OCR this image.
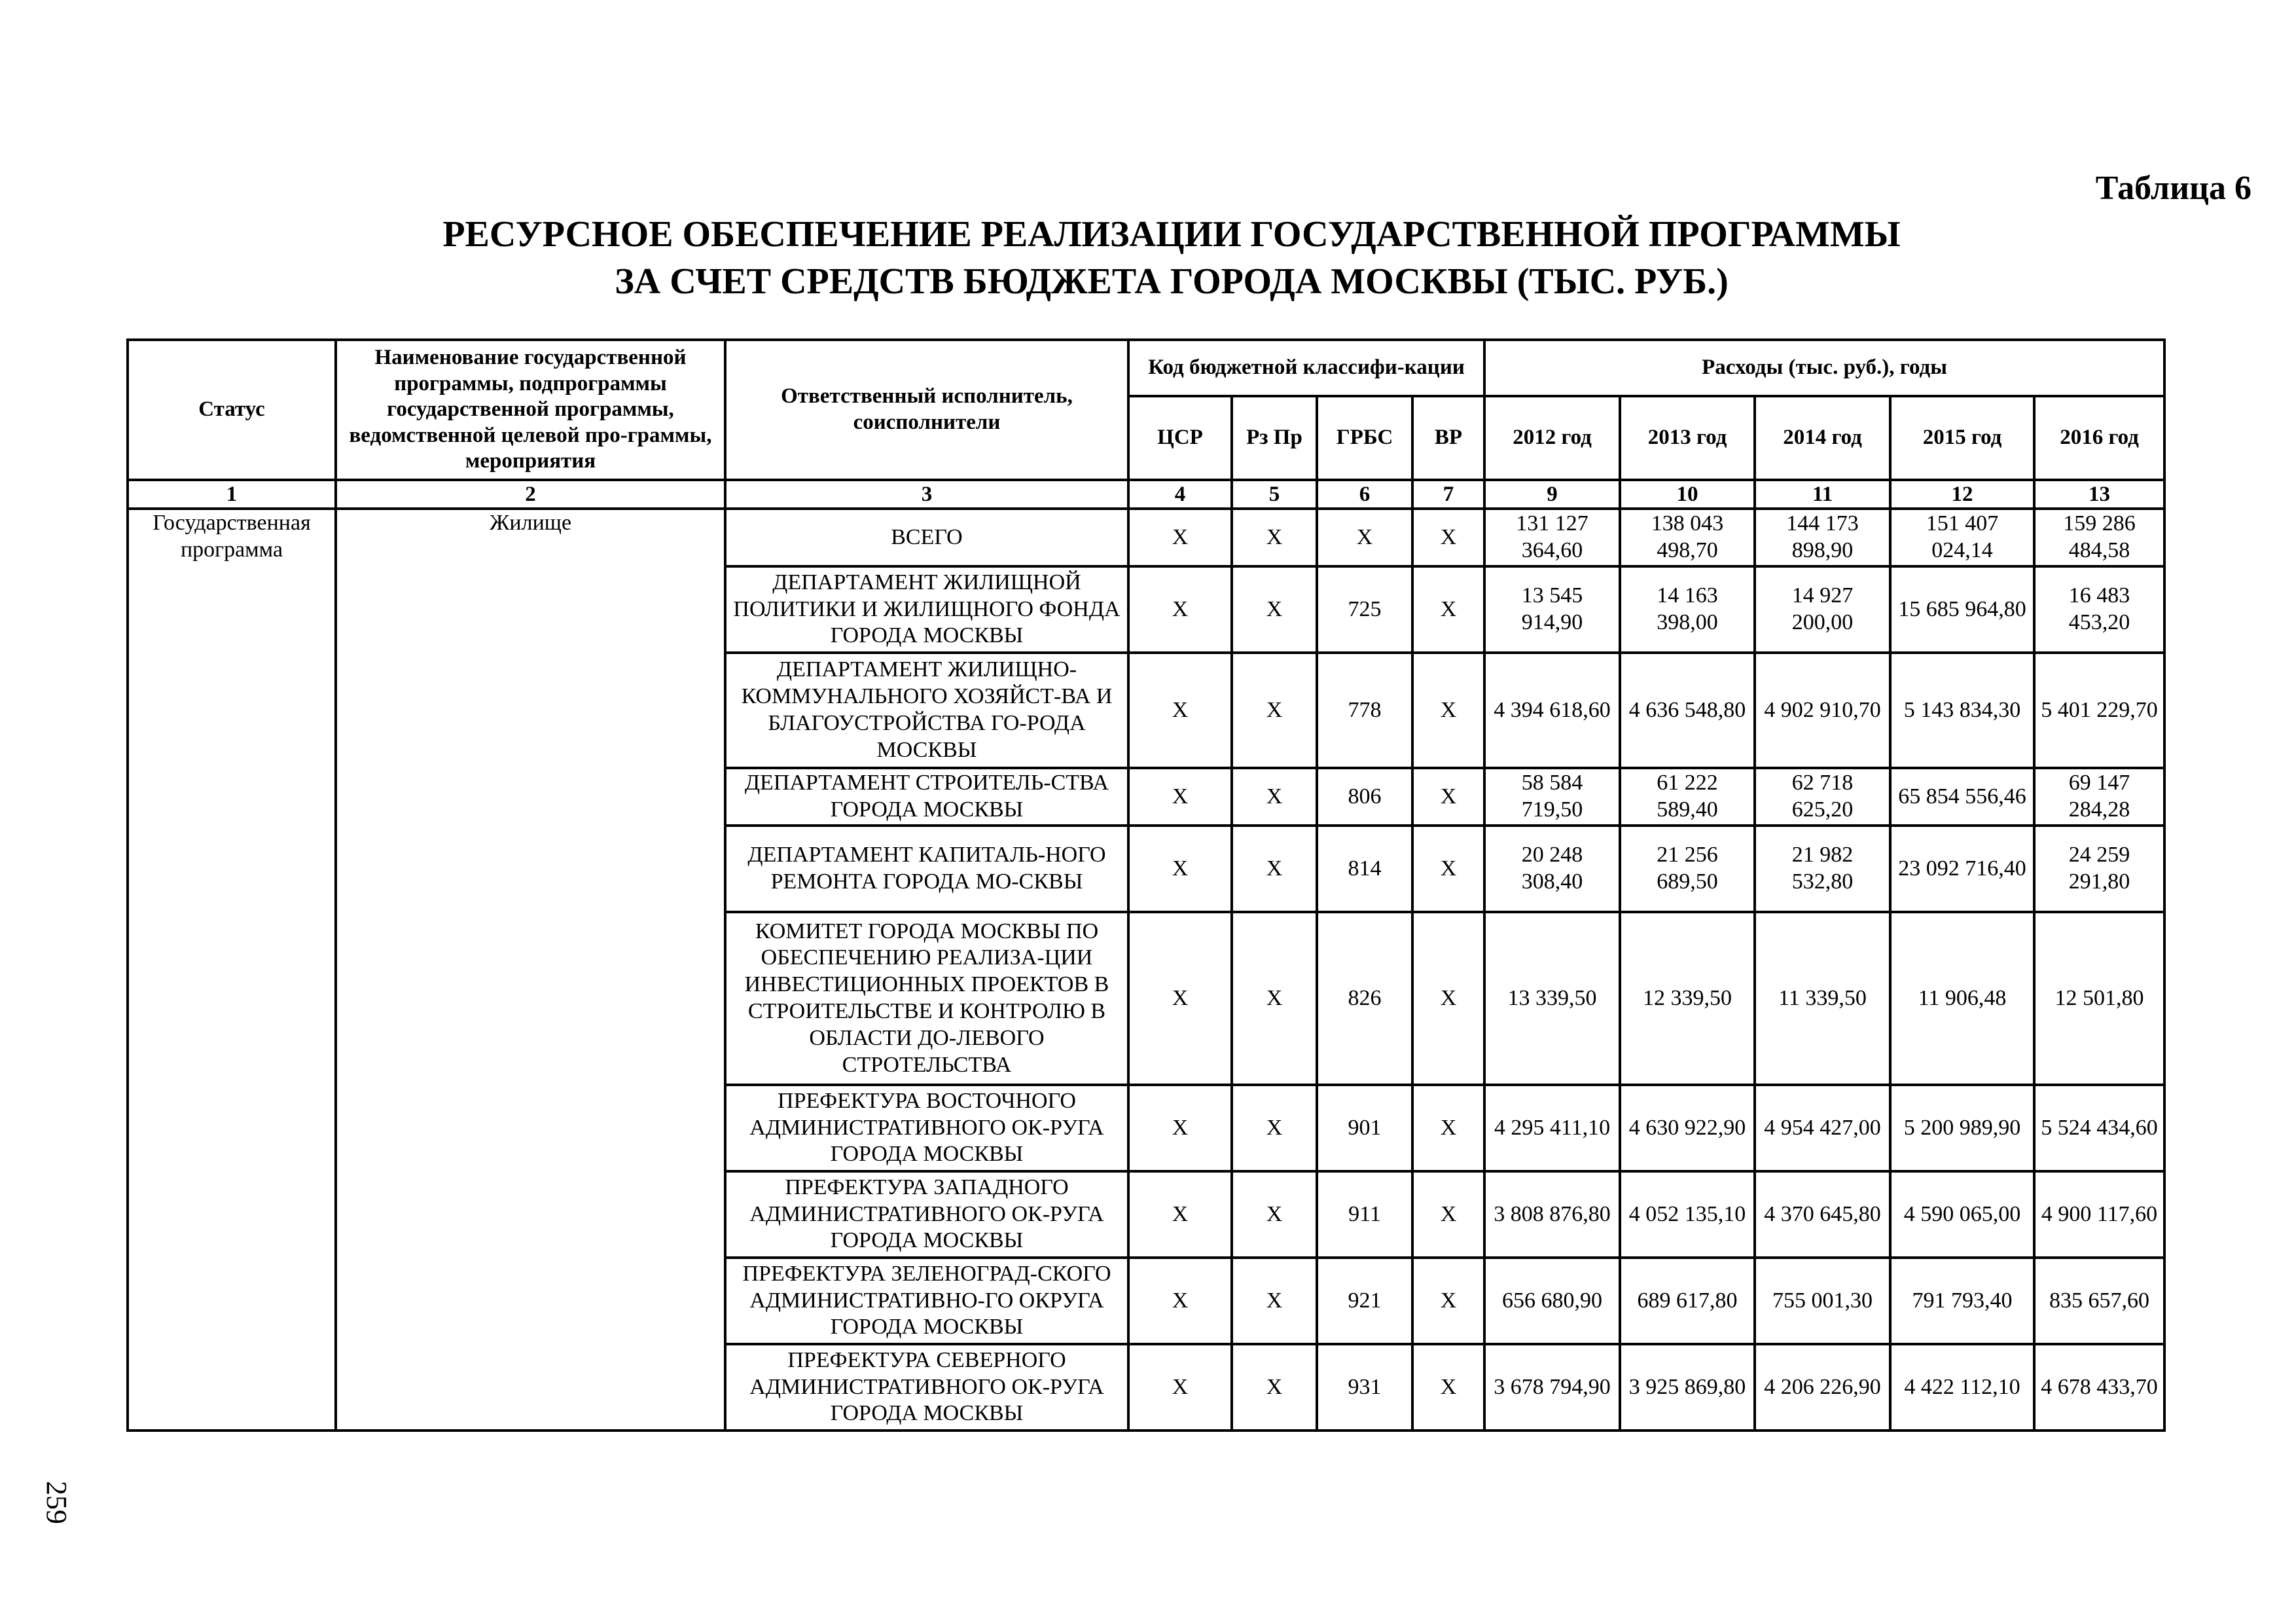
Таблица 6
РЕСУРСНОЕ ОБЕСПЕЧЕНИЕ РЕАЛИЗАЦИИ ГОСУДАРСТВЕННОЙ ПРОГРАММЫ
ЗА СЧЕТ СРЕДСТВ БЮДЖЕТА ГОРОДА МОСКВЫ (ТЫС. РУБ.)
Статус	Наименование государственной программы, подпрограммы государственной программы, ведомственной целевой про-граммы, мероприятия	Ответственный исполнитель, соисполнители	Код бюджетной классифи-кации				Расходы (тыс. руб.), годы				
			ЦСР	Рз Пр	ГРБС	ВР	2012 год	2013 год	2014 год	2015 год	2016 год
1	2	3	4	5	6	7	9	10	11	12	13
Государственная программа	Жилище	ВСЕГО	Х	Х	Х	Х	131 127 364,60	138 043 498,70	144 173 898,90	151 407 024,14	159 286 484,58
		ДЕПАРТАМЕНТ ЖИЛИЩНОЙ ПОЛИТИКИ И ЖИЛИЩНОГО ФОНДА ГОРОДА МОСКВЫ	Х	Х	725	Х	13 545 914,90	14 163 398,00	14 927 200,00	15 685 964,80	16 483 453,20
		ДЕПАРТАМЕНТ ЖИЛИЩНО-КОММУНАЛЬНОГО ХОЗЯЙСТ-ВА И БЛАГОУСТРОЙСТВА ГО-РОДА МОСКВЫ	Х	Х	778	Х	4 394 618,60	4 636 548,80	4 902 910,70	5 143 834,30	5 401 229,70
		ДЕПАРТАМЕНТ СТРОИТЕЛЬ-СТВА ГОРОДА МОСКВЫ	Х	Х	806	Х	58 584 719,50	61 222 589,40	62 718 625,20	65 854 556,46	69 147 284,28
		ДЕПАРТАМЕНТ КАПИТАЛЬ-НОГО РЕМОНТА ГОРОДА МО-СКВЫ	Х	Х	814	Х	20 248 308,40	21 256 689,50	21 982 532,80	23 092 716,40	24 259 291,80
		КОМИТЕТ ГОРОДА МОСКВЫ ПО ОБЕСПЕЧЕНИЮ РЕАЛИЗА-ЦИИ ИНВЕСТИЦИОННЫХ ПРОЕКТОВ В СТРОИТЕЛЬСТВЕ И КОНТРОЛЮ В ОБЛАСТИ ДО-ЛЕВОГО СТРОТЕЛЬСТВА	Х	Х	826	Х	13 339,50	12 339,50	11 339,50	11 906,48	12 501,80
		ПРЕФЕКТУРА ВОСТОЧНОГО АДМИНИСТРАТИВНОГО ОК-РУГА ГОРОДА МОСКВЫ	Х	Х	901	Х	4 295 411,10	4 630 922,90	4 954 427,00	5 200 989,90	5 524 434,60
		ПРЕФЕКТУРА ЗАПАДНОГО АДМИНИСТРАТИВНОГО ОК-РУГА ГОРОДА МОСКВЫ	Х	Х	911	Х	3 808 876,80	4 052 135,10	4 370 645,80	4 590 065,00	4 900 117,60
		ПРЕФЕКТУРА ЗЕЛЕНОГРАД-СКОГО АДМИНИСТРАТИВНО-ГО ОКРУГА ГОРОДА МОСКВЫ	Х	Х	921	Х	656 680,90	689 617,80	755 001,30	791 793,40	835 657,60
		ПРЕФЕКТУРА СЕВЕРНОГО АДМИНИСТРАТИВНОГО ОК-РУГА ГОРОДА МОСКВЫ	Х	Х	931	Х	3 678 794,90	3 925 869,80	4 206 226,90	4 422 112,10	4 678 433,70
259
